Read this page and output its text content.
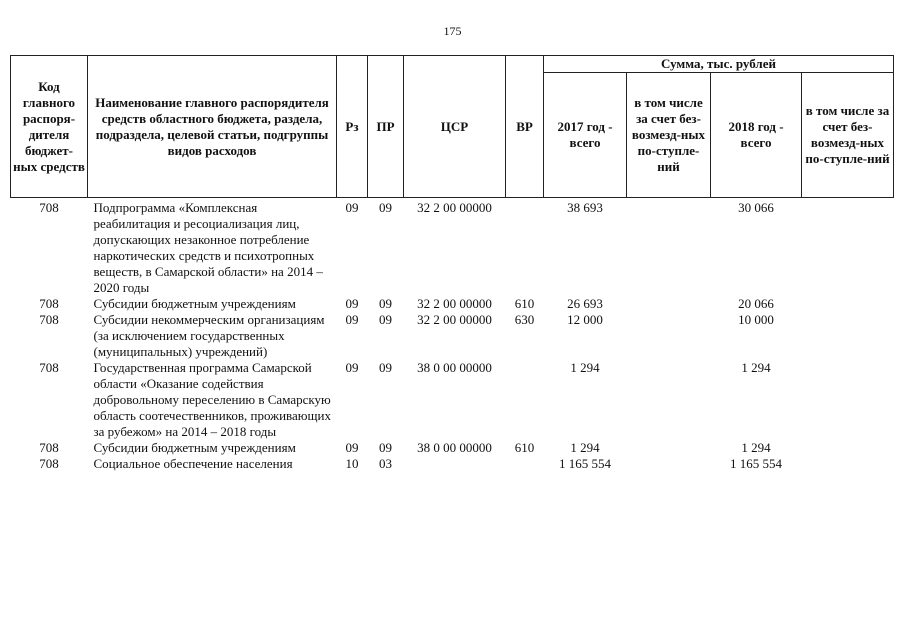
175
Код главного распоря-дителя бюджет-ных средств	Наименование главного распорядителя средств областного бюджета, раздела, подраздела, целевой статьи, подгруппы видов расходов	Рз	ПР	ЦСР	ВР	Сумма, тыс. рублей			
						2017 год - всего	в том числе за счет без-возмезд-ных по-ступле-ний	2018 год - всего	в том числе за счет без-возмезд-ных по-ступле-ний
708	Подпрограмма «Комплексная реабилитация и ресоциализация лиц, допускающих незаконное потребление наркотических средств и психотропных веществ, в Самарской области» на 2014 – 2020 годы	09	09	32 2 00 00000		38 693		30 066	
708	Субсидии бюджетным учреждениям	09	09	32 2 00 00000	610	26 693		20 066	
708	Субсидии некоммерческим организациям (за исключением государственных (муниципальных) учреждений)	09	09	32 2 00 00000	630	12 000		10 000	
708	Государственная программа Самарской области «Оказание содействия добровольному переселению в Самарскую область соотечественников, проживающих за рубежом» на 2014 – 2018 годы	09	09	38 0 00 00000		1 294		1 294	
708	Субсидии бюджетным учреждениям	09	09	38 0 00 00000	610	1 294		1 294	
708	Социальное обеспечение населения	10	03			1 165 554		1 165 554	
